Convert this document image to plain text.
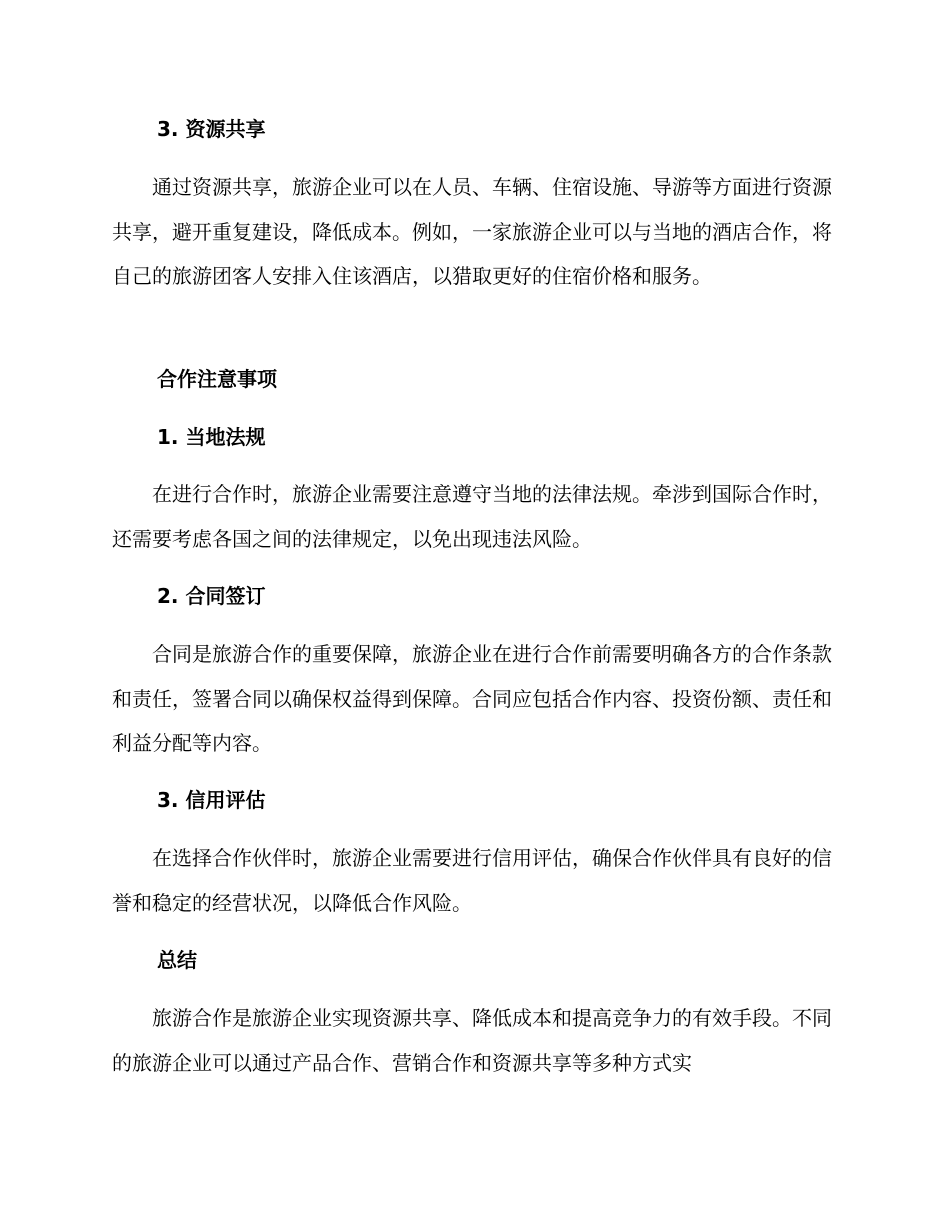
3. 资源共享

通过资源共享，旅游企业可以在人员、车辆、住宿设施、导游等方面进行资源共享，避开重复建设，降低成本。例如，一家旅游企业可以与当地的酒店合作，将自己的旅游团客人安排入住该酒店，以猎取更好的住宿价格和服务。

合作注意事项
1. 当地法规

在进行合作时，旅游企业需要注意遵守当地的法律法规。牵涉到国际合作时，还需要考虑各国之间的法律规定，以免出现违法风险。

2. 合同签订

合同是旅游合作的重要保障，旅游企业在进行合作前需要明确各方的合作条款和责任，签署合同以确保权益得到保障。合同应包括合作内容、投资份额、责任和利益分配等内容。

3. 信用评估

在选择合作伙伴时，旅游企业需要进行信用评估，确保合作伙伴具有良好的信誉和稳定的经营状况，以降低合作风险。

总结

旅游合作是旅游企业实现资源共享、降低成本和提高竞争力的有效手段。不同的旅游企业可以通过产品合作、营销合作和资源共享等多种方式实
